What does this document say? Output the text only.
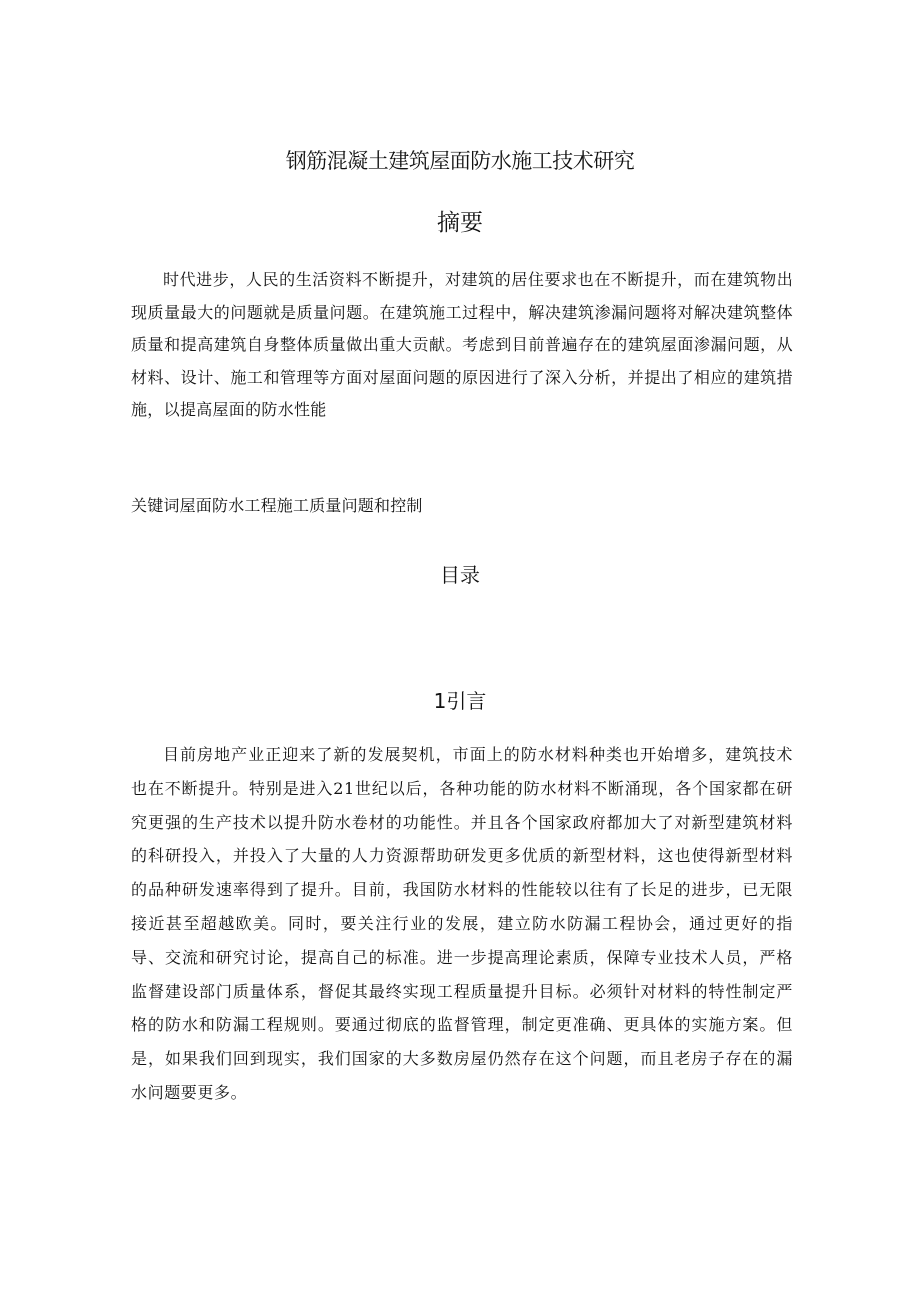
钢筋混凝土建筑屋面防水施工技术研究
摘要

时代进步，人民的生活资料不断提升，对建筑的居住要求也在不断提升，而在建筑物出现质量最大的问题就是质量问题。在建筑施工过程中，解决建筑渗漏问题将对解决建筑整体质量和提高建筑自身整体质量做出重大贡献。考虑到目前普遍存在的建筑屋面渗漏问题，从材料、设计、施工和管理等方面对屋面问题的原因进行了深入分析，并提出了相应的建筑措施，以提高屋面的防水性能

关键词屋面防水工程施工质量问题和控制

目录
1引言

目前房地产业正迎来了新的发展契机，市面上的防水材料种类也开始增多，建筑技术也在不断提升。特别是进入21世纪以后，各种功能的防水材料不断涌现，各个国家都在研究更强的生产技术以提升防水卷材的功能性。并且各个国家政府都加大了对新型建筑材料的科研投入，并投入了大量的人力资源帮助研发更多优质的新型材料，这也使得新型材料的品种研发速率得到了提升。目前，我国防水材料的性能较以往有了长足的进步，已无限接近甚至超越欧美。同时，要关注行业的发展，建立防水防漏工程协会，通过更好的指导、交流和研究讨论，提高自己的标准。进一步提高理论素质，保障专业技术人员，严格监督建设部门质量体系，督促其最终实现工程质量提升目标。必须针对材料的特性制定严格的防水和防漏工程规则。要通过彻底的监督管理，制定更准确、更具体的实施方案。但是，如果我们回到现实，我们国家的大多数房屋仍然存在这个问题，而且老房子存在的漏水问题要更多。
